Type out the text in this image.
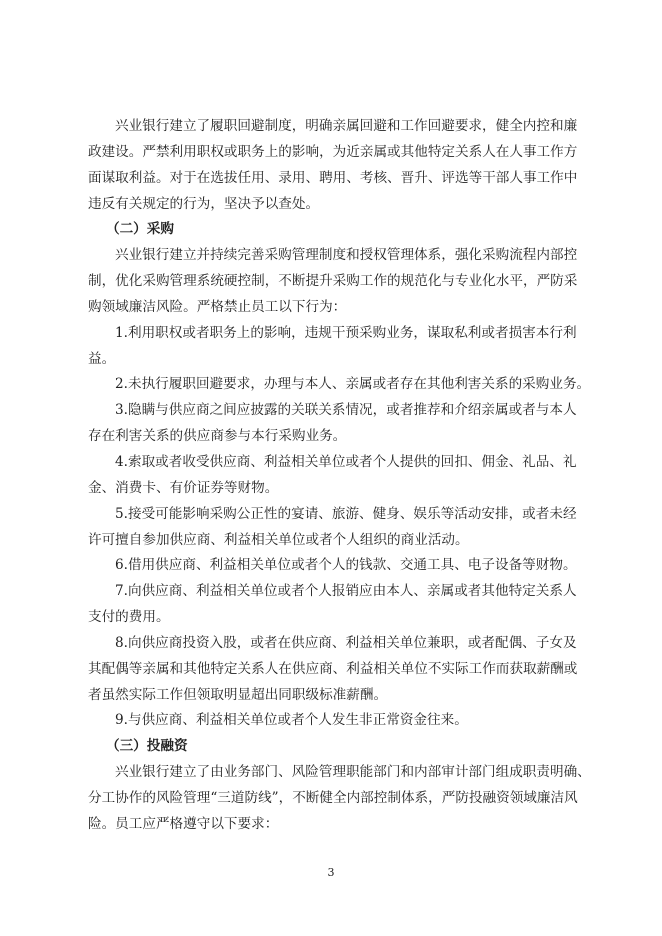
兴业银行建立了履职回避制度，明确亲属回避和工作回避要求，健全内控和廉
政建设。严禁利用职权或职务上的影响，为近亲属或其他特定关系人在人事工作方
面谋取利益。对于在选拔任用、录用、聘用、考核、晋升、评选等干部人事工作中
违反有关规定的行为，坚决予以查处。
（二）采购
兴业银行建立并持续完善采购管理制度和授权管理体系，强化采购流程内部控
制，优化采购管理系统硬控制，不断提升采购工作的规范化与专业化水平，严防采
购领域廉洁风险。严格禁止员工以下行为：
1.利用职权或者职务上的影响，违规干预采购业务，谋取私利或者损害本行利
益。
2.未执行履职回避要求，办理与本人、亲属或者存在其他利害关系的采购业务。
3.隐瞒与供应商之间应披露的关联关系情况，或者推荐和介绍亲属或者与本人
存在利害关系的供应商参与本行采购业务。
4.索取或者收受供应商、利益相关单位或者个人提供的回扣、佣金、礼品、礼
金、消费卡、有价证券等财物。
5.接受可能影响采购公正性的宴请、旅游、健身、娱乐等活动安排，或者未经
许可擅自参加供应商、利益相关单位或者个人组织的商业活动。
6.借用供应商、利益相关单位或者个人的钱款、交通工具、电子设备等财物。
7.向供应商、利益相关单位或者个人报销应由本人、亲属或者其他特定关系人
支付的费用。
8.向供应商投资入股，或者在供应商、利益相关单位兼职，或者配偶、子女及
其配偶等亲属和其他特定关系人在供应商、利益相关单位不实际工作而获取薪酬或
者虽然实际工作但领取明显超出同职级标准薪酬。
9.与供应商、利益相关单位或者个人发生非正常资金往来。
（三）投融资
兴业银行建立了由业务部门、风险管理职能部门和内部审计部门组成职责明确、
分工协作的风险管理“三道防线”，不断健全内部控制体系，严防投融资领域廉洁风
险。员工应严格遵守以下要求：
3
